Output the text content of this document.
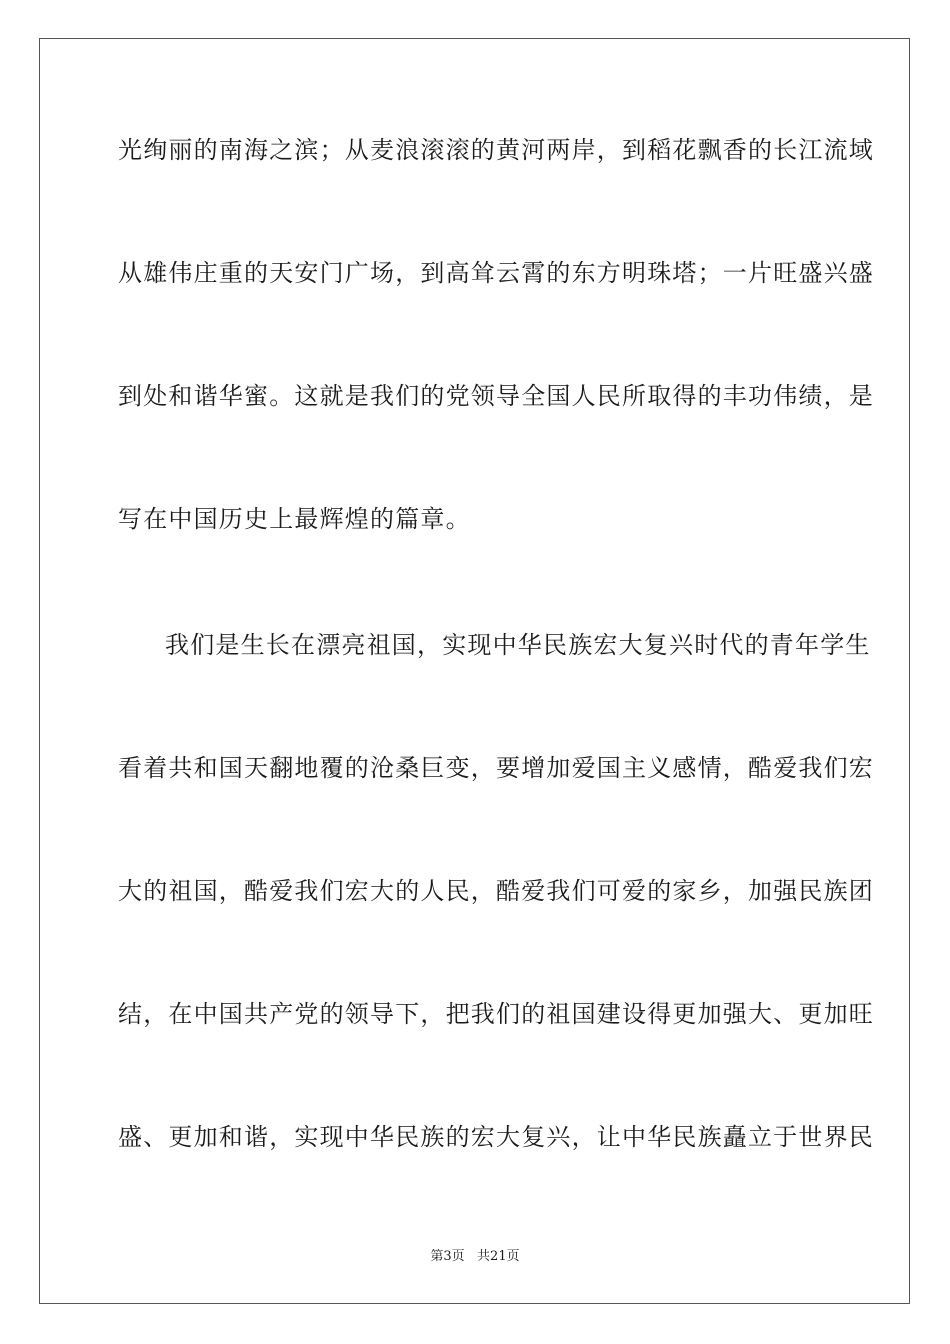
光绚丽的南海之滨；从麦浪滚滚的黄河两岸，到稻花飘香的长江流域
从雄伟庄重的天安门广场，到高耸云霄的东方明珠塔；一片旺盛兴盛
到处和谐华蜜。这就是我们的党领导全国人民所取得的丰功伟绩，是
写在中国历史上最辉煌的篇章。
我们是生长在漂亮祖国，实现中华民族宏大复兴时代的青年学生
看着共和国天翻地覆的沧桑巨变，要增加爱国主义感情，酷爱我们宏
大的祖国，酷爱我们宏大的人民，酷爱我们可爱的家乡，加强民族团
结，在中国共产党的领导下，把我们的祖国建设得更加强大、更加旺
盛、更加和谐，实现中华民族的宏大复兴，让中华民族矗立于世界民
第3页   共21页
